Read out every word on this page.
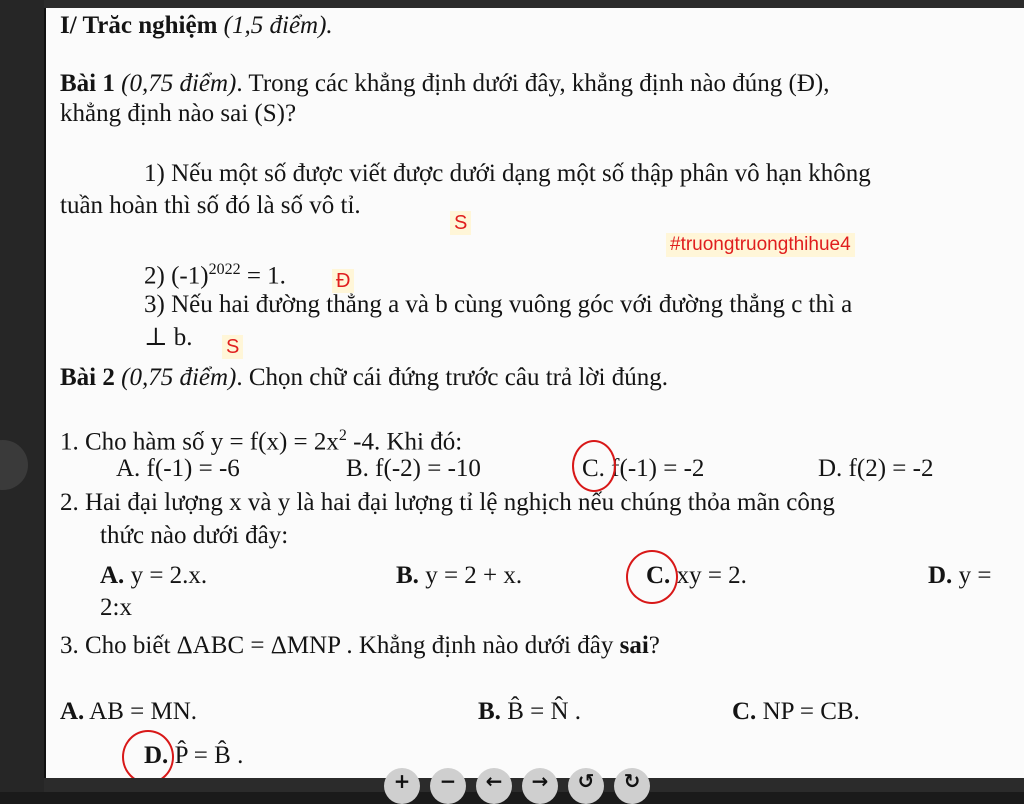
I/ Trăc nghiệm (1,5 điểm).
Bài 1 (0,75 điểm). Trong các khẳng định dưới đây, khẳng định nào đúng (Đ),
khẳng định nào sai (S)?
1) Nếu một số được viết được dưới dạng một số thập phân vô hạn không
tuần hoàn thì số đó là số vô tỉ.
S
#truongtruongthihue4
2) $(-1)^{2022} = 1$.	Đ
3) Nếu hai đường thẳng a và b cùng vuông góc với đường thẳng c thì a
⊥ b. S
Bài 2 (0,75 điểm). Chọn chữ cái đứng trước câu trả lời đúng.
1. Cho hàm số $y = f(x) = 2x^2$ -4. Khi đó:
A. f(-1) = -6	B. f(-2) = -10	C. f(-1) = -2	D. f(2) = -2
2. Hai đại lượng x và y là hai đại lượng tỉ lệ nghịch nếu chúng thỏa mãn công
thức nào dưới đây:
A. y = 2.x.	B. y = 2 + x.	C. xy = 2.	D. y =
2:x
3. Cho biết ΔABC = ΔMNP . Khẳng định nào dưới đây sai?
A. AB = MN.	B. B̂ = N̂ .	C. NP = CB.
D. P̂ = B̂ .
+	−	←	→	↺	↻
